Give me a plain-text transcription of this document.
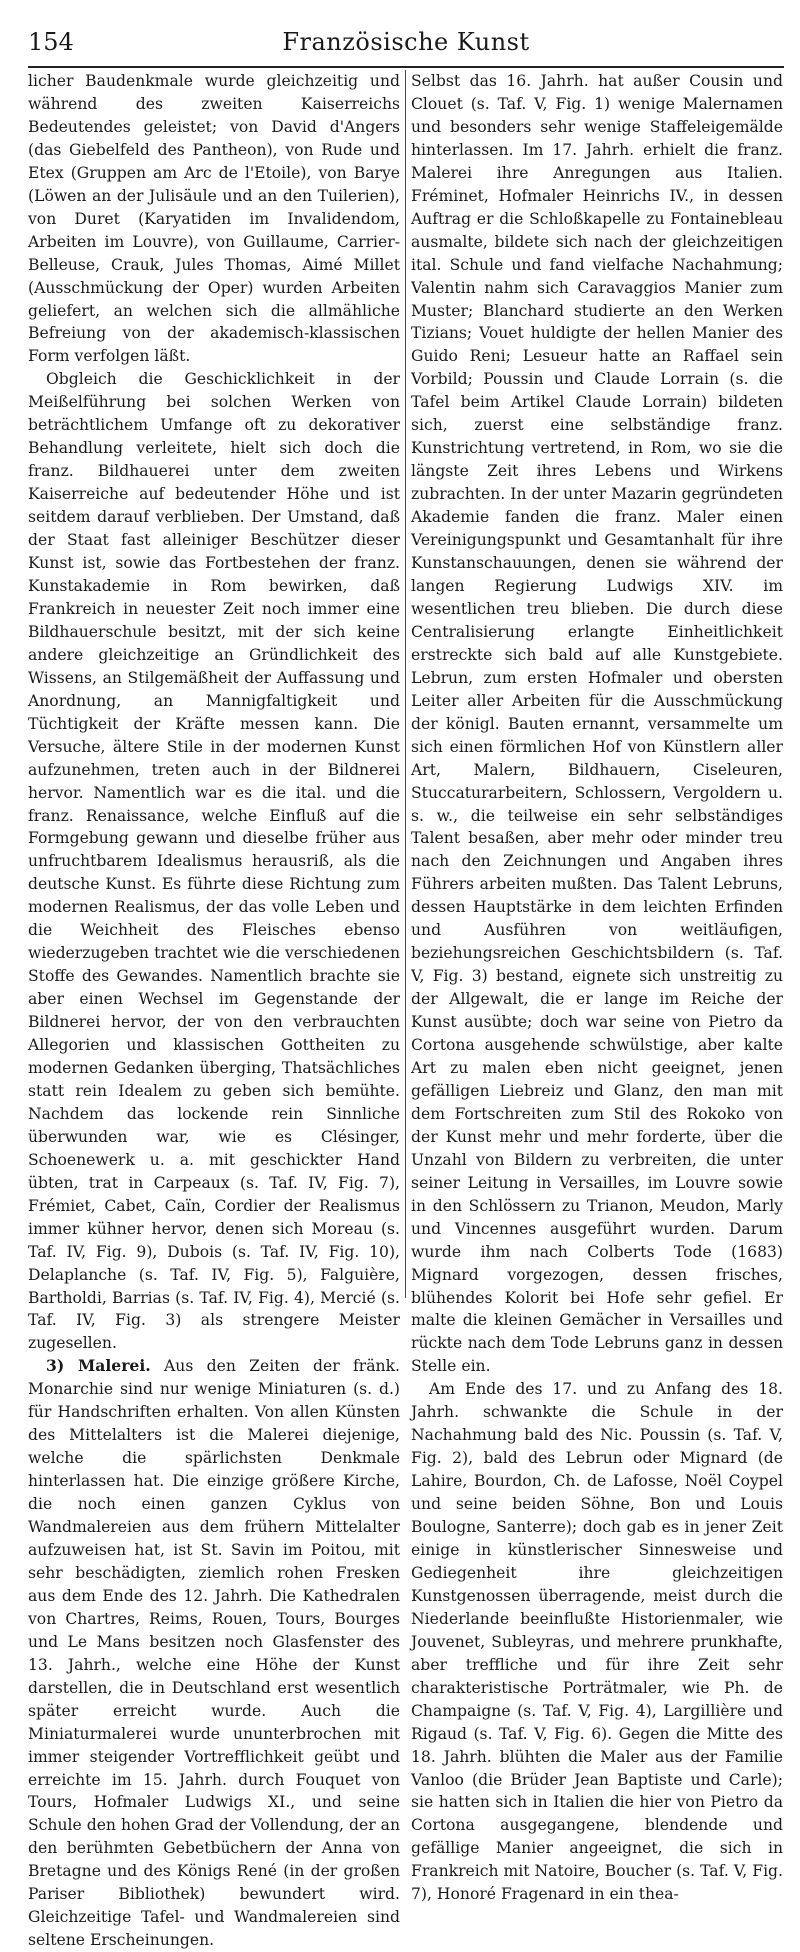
154	Französische Kunst

licher Baudenkmale wurde gleichzeitig und während des zweiten Kaiserreichs Bedeutendes geleistet; von David d'Angers (das Giebelfeld des Pantheon), von Rude und Etex (Gruppen am Arc de l'Etoile), von Barye (Löwen an der Julisäule und an den Tuilerien), von Duret (Karyatiden im Invalidendom, Arbeiten im Louvre), von Guillaume, Carrier-Belleuse, Crauk, Jules Thomas, Aimé Millet (Ausschmückung der Oper) wurden Arbeiten geliefert, an welchen sich die allmähliche Befreiung von der akademisch-klassischen Form verfolgen läßt.

Obgleich die Geschicklichkeit in der Meißelführung bei solchen Werken von beträchtlichem Umfange oft zu dekorativer Behandlung verleitete, hielt sich doch die franz. Bildhauerei unter dem zweiten Kaiserreiche auf bedeutender Höhe und ist seitdem darauf verblieben. Der Umstand, daß der Staat fast alleiniger Beschützer dieser Kunst ist, sowie das Fortbestehen der franz. Kunstakademie in Rom bewirken, daß Frankreich in neuester Zeit noch immer eine Bildhauerschule besitzt, mit der sich keine andere gleichzeitige an Gründlichkeit des Wissens, an Stilgemäßheit der Auffassung und Anordnung, an Mannigfaltigkeit und Tüchtigkeit der Kräfte messen kann. Die Versuche, ältere Stile in der modernen Kunst aufzunehmen, treten auch in der Bildnerei hervor. Namentlich war es die ital. und die franz. Renaissance, welche Einfluß auf die Formgebung gewann und dieselbe früher aus unfruchtbarem Idealismus herausriß, als die deutsche Kunst. Es führte diese Richtung zum modernen Realismus, der das volle Leben und die Weichheit des Fleisches ebenso wiederzugeben trachtet wie die verschiedenen Stoffe des Gewandes. Namentlich brachte sie aber einen Wechsel im Gegenstande der Bildnerei hervor, der von den verbrauchten Allegorien und klassischen Gottheiten zu modernen Gedanken überging, Thatsächliches statt rein Idealem zu geben sich bemühte. Nachdem das lockende rein Sinnliche überwunden war, wie es Clésinger, Schoenewerk u. a. mit geschickter Hand übten, trat in Carpeaux (s. Taf. IV, Fig. 7), Frémiet, Cabet, Caïn, Cordier der Realismus immer kühner hervor, denen sich Moreau (s. Taf. IV, Fig. 9), Dubois (s. Taf. IV, Fig. 10), Delaplanche (s. Taf. IV, Fig. 5), Falguière, Bartholdi, Barrias (s. Taf. IV, Fig. 4), Mercié (s. Taf. IV, Fig. 3) als strengere Meister zugesellen.

3) Malerei. Aus den Zeiten der fränk. Monarchie sind nur wenige Miniaturen (s. d.) für Handschriften erhalten. Von allen Künsten des Mittelalters ist die Malerei diejenige, welche die spärlichsten Denkmale hinterlassen hat. Die einzige größere Kirche, die noch einen ganzen Cyklus von Wandmalereien aus dem frühern Mittelalter aufzuweisen hat, ist St. Savin im Poitou, mit sehr beschädigten, ziemlich rohen Fresken aus dem Ende des 12. Jahrh. Die Kathedralen von Chartres, Reims, Rouen, Tours, Bourges und Le Mans besitzen noch Glasfenster des 13. Jahrh., welche eine Höhe der Kunst darstellen, die in Deutschland erst wesentlich später erreicht wurde. Auch die Miniaturmalerei wurde ununterbrochen mit immer steigender Vortrefflichkeit geübt und erreichte im 15. Jahrh. durch Fouquet von Tours, Hofmaler Ludwigs XI., und seine Schule den hohen Grad der Vollendung, der an den berühmten Gebetbüchern der Anna von Bretagne und des Königs René (in der großen Pariser Bibliothek) bewundert wird. Gleichzeitige Tafel- und Wandmalereien sind seltene Erscheinungen.

Selbst das 16. Jahrh. hat außer Cousin und Clouet (s. Taf. V, Fig. 1) wenige Malernamen und besonders sehr wenige Staffeleigemälde hinterlassen. Im 17. Jahrh. erhielt die franz. Malerei ihre Anregungen aus Italien. Fréminet, Hofmaler Heinrichs IV., in dessen Auftrag er die Schloßkapelle zu Fontainebleau ausmalte, bildete sich nach der gleichzeitigen ital. Schule und fand vielfache Nachahmung; Valentin nahm sich Caravaggios Manier zum Muster; Blanchard studierte an den Werken Tizians; Vouet huldigte der hellen Manier des Guido Reni; Lesueur hatte an Raffael sein Vorbild; Poussin und Claude Lorrain (s. die Tafel beim Artikel Claude Lorrain) bildeten sich, zuerst eine selbständige franz. Kunstrichtung vertretend, in Rom, wo sie die längste Zeit ihres Lebens und Wirkens zubrachten. In der unter Mazarin gegründeten Akademie fanden die franz. Maler einen Vereinigungspunkt und Gesamtanhalt für ihre Kunstanschauungen, denen sie während der langen Regierung Ludwigs XIV. im wesentlichen treu blieben. Die durch diese Centralisierung erlangte Einheitlichkeit erstreckte sich bald auf alle Kunstgebiete. Lebrun, zum ersten Hofmaler und obersten Leiter aller Arbeiten für die Ausschmückung der königl. Bauten ernannt, versammelte um sich einen förmlichen Hof von Künstlern aller Art, Malern, Bildhauern, Ciseleuren, Stuccaturarbeitern, Schlossern, Vergoldern u. s. w., die teilweise ein sehr selbständiges Talent besaßen, aber mehr oder minder treu nach den Zeichnungen und Angaben ihres Führers arbeiten mußten. Das Talent Lebruns, dessen Hauptstärke in dem leichten Erfinden und Ausführen von weitläufigen, beziehungsreichen Geschichtsbildern (s. Taf. V, Fig. 3) bestand, eignete sich unstreitig zu der Allgewalt, die er lange im Reiche der Kunst ausübte; doch war seine von Pietro da Cortona ausgehende schwülstige, aber kalte Art zu malen eben nicht geeignet, jenen gefälligen Liebreiz und Glanz, den man mit dem Fortschreiten zum Stil des Rokoko von der Kunst mehr und mehr forderte, über die Unzahl von Bildern zu verbreiten, die unter seiner Leitung in Versailles, im Louvre sowie in den Schlössern zu Trianon, Meudon, Marly und Vincennes ausgeführt wurden. Darum wurde ihm nach Colberts Tode (1683) Mignard vorgezogen, dessen frisches, blühendes Kolorit bei Hofe sehr gefiel. Er malte die kleinen Gemächer in Versailles und rückte nach dem Tode Lebruns ganz in dessen Stelle ein.

Am Ende des 17. und zu Anfang des 18. Jahrh. schwankte die Schule in der Nachahmung bald des Nic. Poussin (s. Taf. V, Fig. 2), bald des Lebrun oder Mignard (de Lahire, Bourdon, Ch. de Lafosse, Noël Coypel und seine beiden Söhne, Bon und Louis Boulogne, Santerre); doch gab es in jener Zeit einige in künstlerischer Sinnesweise und Gediegenheit ihre gleichzeitigen Kunstgenossen überragende, meist durch die Niederlande beeinflußte Historienmaler, wie Jouvenet, Subleyras, und mehrere prunkhafte, aber treffliche und für ihre Zeit sehr charakteristische Porträtmaler, wie Ph. de Champaigne (s. Taf. V, Fig. 4), Largillière und Rigaud (s. Taf. V, Fig. 6). Gegen die Mitte des 18. Jahrh. blühten die Maler aus der Familie Vanloo (die Brüder Jean Baptiste und Carle); sie hatten sich in Italien die hier von Pietro da Cortona ausgegangene, blendende und gefällige Manier angeeignet, die sich in Frankreich mit Natoire, Boucher (s. Taf. V, Fig. 7), Honoré Fragenard in ein thea-
